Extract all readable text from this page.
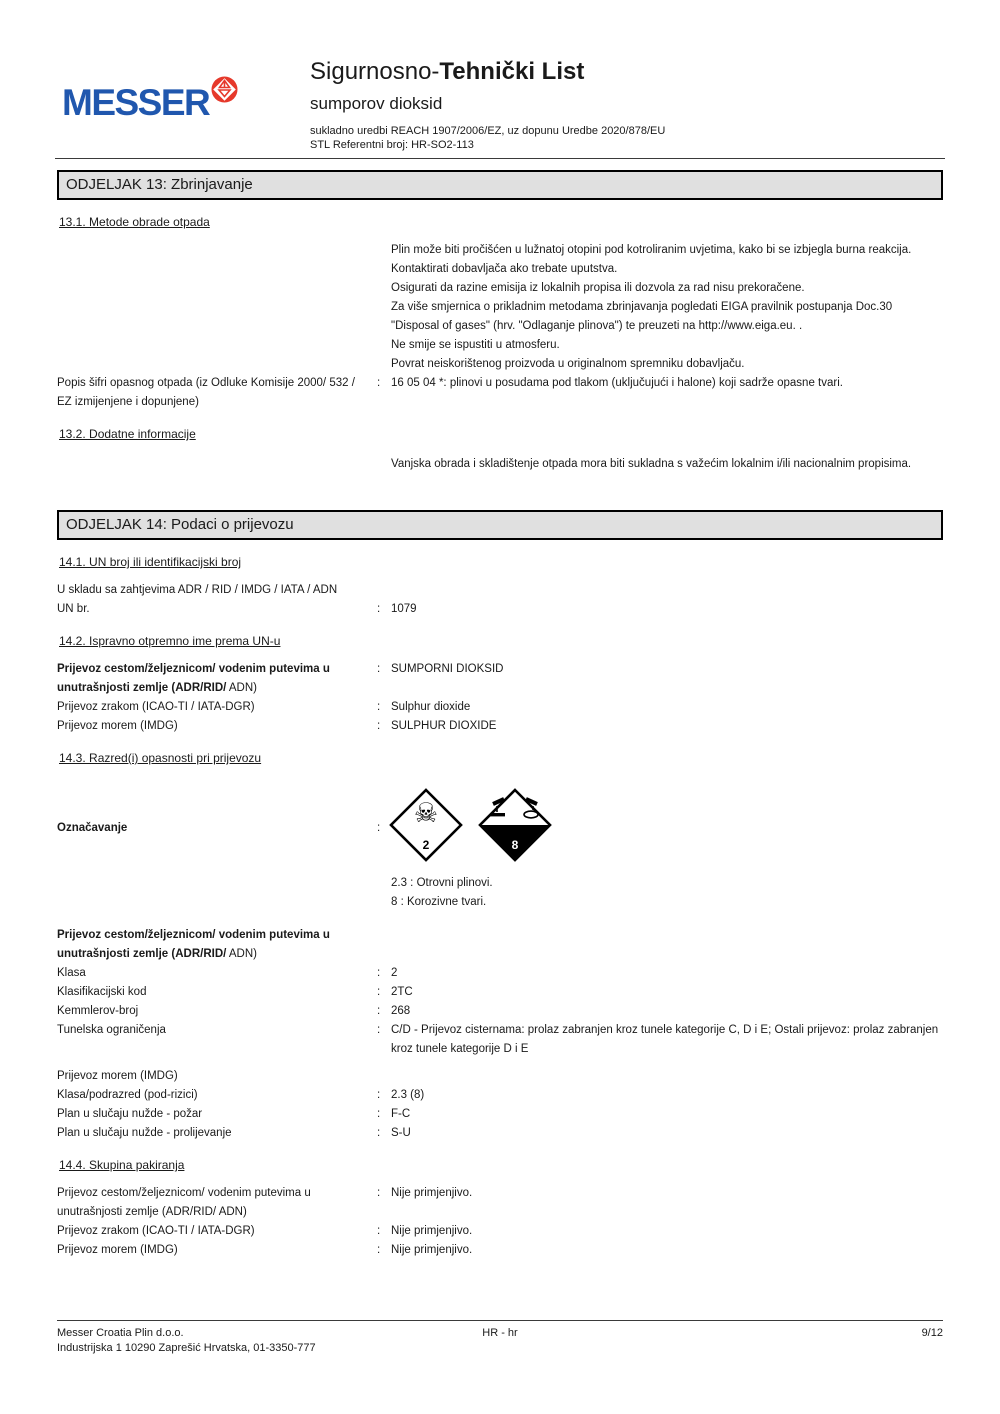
MESSER
Sigurnosno-Tehnički List
sumporov dioksid
sukladno uredbi REACH 1907/2006/EZ, uz dopunu Uredbe 2020/878/EU
STL Referentni broj: HR-SO2-113
ODJELJAK 13: Zbrinjavanje
13.1. Metode obrade otpada
Plin može biti pročišćen u lužnatoj otopini pod kotroliranim uvjetima, kako bi se izbjegla burna reakcija.
Kontaktirati dobavljača ako trebate uputstva.
Osigurati da razine emisija iz lokalnih propisa ili dozvola za rad nisu prekoračene.
Za više smjernica o prikladnim metodama zbrinjavanja pogledati EIGA pravilnik postupanja Doc.30 "Disposal of gases" (hrv. "Odlaganje plinova") te preuzeti na http://www.eiga.eu. .
Ne smije se ispustiti u atmosferu.
Povrat neiskorištenog proizvoda u originalnom spremniku dobavljaču.
Popis šifri opasnog otpada (iz Odluke Komisije 2000/ 532 / EZ izmijenjene i dopunjene)
: 16 05 04 *: plinovi u posudama pod tlakom (uključujući i halone) koji sadrže opasne tvari.
13.2. Dodatne informacije
Vanjska obrada i skladištenje otpada mora biti sukladna s važećim lokalnim i/ili nacionalnim propisima.
ODJELJAK 14: Podaci o prijevozu
14.1. UN broj ili identifikacijski broj
U skladu sa zahtjevima ADR / RID / IMDG / IATA / ADN
UN br.	: 1079
14.2. Ispravno otpremno ime prema UN-u
Prijevoz cestom/željeznicom/ vodenim putevima u unutrašnjosti zemlje (ADR/RID/ ADN)
: SUMPORNI DIOKSID
Prijevoz zrakom (ICAO-TI / IATA-DGR)	: Sulphur dioxide
Prijevoz morem (IMDG)	: SULPHUR DIOXIDE
14.3. Razred(i) opasnosti pri prijevozu
Označavanje	: ☠
2	8
2.3 : Otrovni plinovi.
8 : Korozivne tvari.
Prijevoz cestom/željeznicom/ vodenim putevima u unutrašnjosti zemlje (ADR/RID/ ADN)
Klasa	: 2
Klasifikacijski kod	: 2TC
Kemmlerov-broj	: 268
Tunelska ograničenja	: C/D - Prijevoz cisternama: prolaz zabranjen kroz tunele kategorije C, D i E; Ostali prijevoz: prolaz zabranjen kroz tunele kategorije D i E
Prijevoz morem (IMDG)
Klasa/podrazred (pod-rizici)	: 2.3 (8)
Plan u slučaju nužde - požar	: F-C
Plan u slučaju nužde - prolijevanje	: S-U
14.4. Skupina pakiranja
Prijevoz cestom/željeznicom/ vodenim putevima u unutrašnjosti zemlje (ADR/RID/ ADN)
: Nije primjenjivo.
Prijevoz zrakom (ICAO-TI / IATA-DGR)	: Nije primjenjivo.
Prijevoz morem (IMDG)	: Nije primjenjivo.
Messer Croatia Plin d.o.o.
Industrijska 1 10290 Zaprešić Hrvatska, 01-3350-777
HR - hr	9/12
